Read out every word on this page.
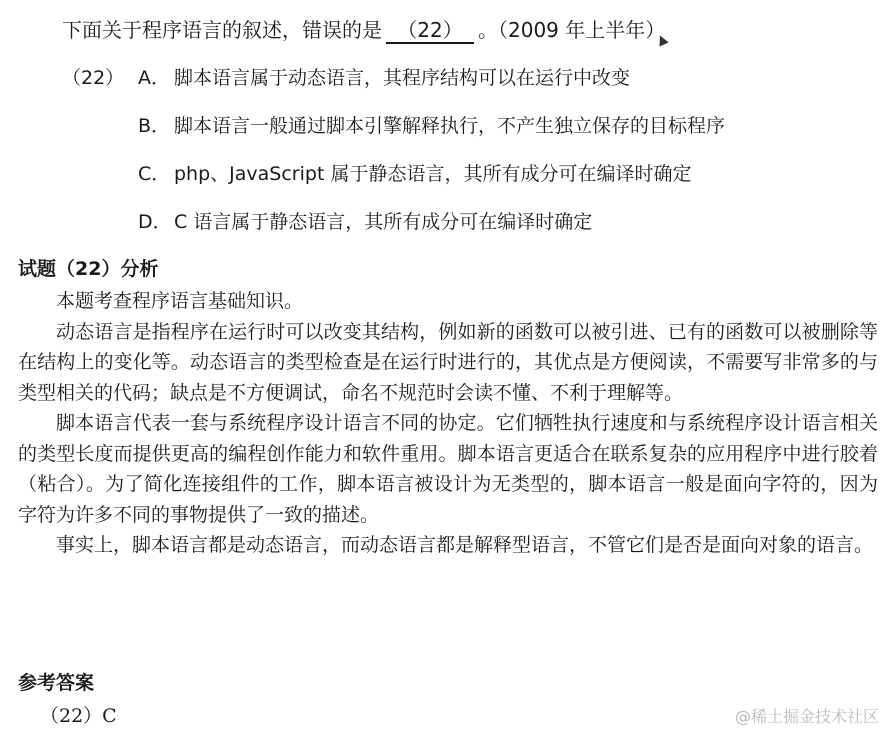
下面关于程序语言的叙述，错误的是 （22） 。（2009 年上半年）
（22） A． 脚本语言属于动态语言，其程序结构可以在运行中改变
B． 脚本语言一般通过脚本引擎解释执行，不产生独立保存的目标程序
C． php、JavaScript 属于静态语言，其所有成分可在编译时确定
D． C 语言属于静态语言，其所有成分可在编译时确定
试题（22）分析

本题考查程序语言基础知识。

动态语言是指程序在运行时可以改变其结构，例如新的函数可以被引进、已有的函数可以被删除等在结构上的变化等。动态语言的类型检查是在运行时进行的，其优点是方便阅读，不需要写非常多的与类型相关的代码；缺点是不方便调试，命名不规范时会读不懂、不利于理解等。

脚本语言代表一套与系统程序设计语言不同的协定。它们牺牲执行速度和与系统程序设计语言相关的类型长度而提供更高的编程创作能力和软件重用。脚本语言更适合在联系复杂的应用程序中进行胶着（粘合）。为了简化连接组件的工作，脚本语言被设计为无类型的，脚本语言一般是面向字符的，因为字符为许多不同的事物提供了一致的描述。

事实上，脚本语言都是动态语言，而动态语言都是解释型语言，不管它们是否是面向对象的语言。

参考答案
（22）C	@稀土掘金技术社区
